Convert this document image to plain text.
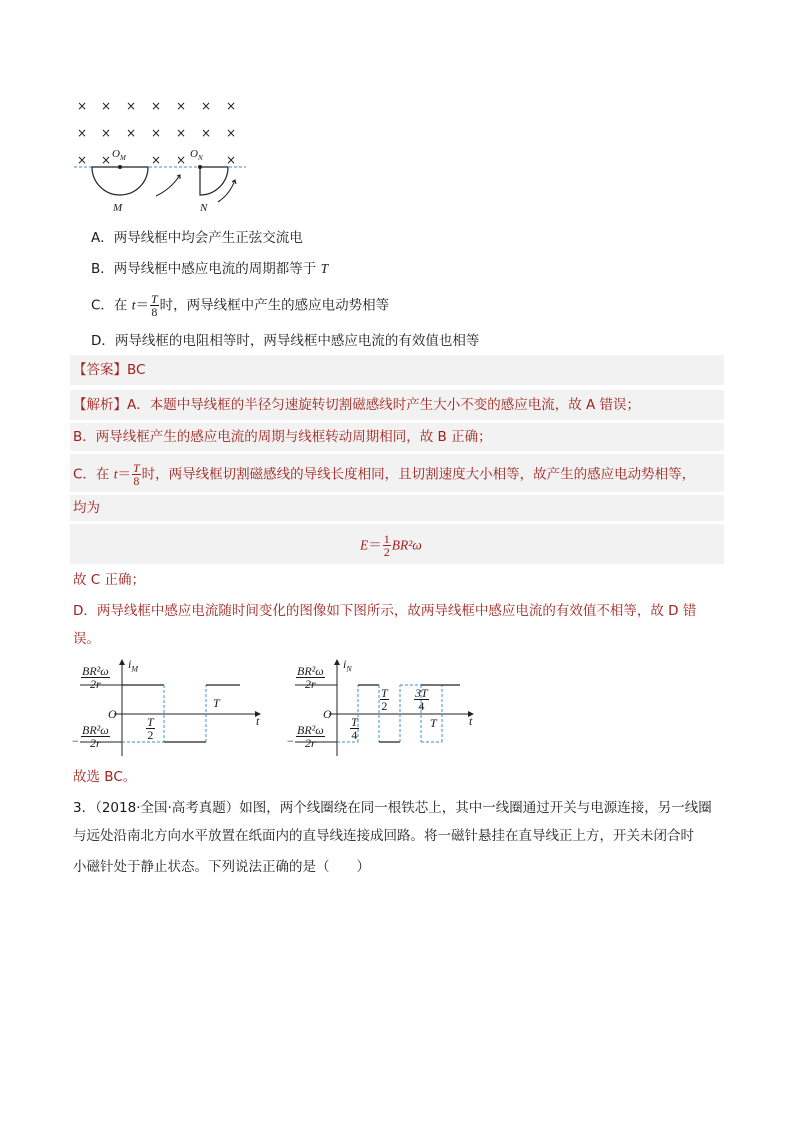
× × × × × × ×
× × × × × × ×
× ×	× ×	×
$O_M$	$O_N$
M	N
A．两导线框中均会产生正弦交流电
B．两导线框中感应电流的周期都等于 T
C．在 $t= \frac{T}{8}$ 时，两导线框中产生的感应电动势相等
D．两导线框的电阻相等时，两导线框中感应电流的有效值也相等
【答案】BC
【解析】A．本题中导线框的半径匀速旋转切割磁感线时产生大小不变的感应电流，故 A 错误；
B．两导线框产生的感应电流的周期与线框转动周期相同，故 B 正确；
C．在 $t= \frac{T}{8}$ 时，两导线框切割磁感线的导线长度相同，且切割速度大小相等，故产生的感应电动势相等，
均为
$E= \frac{1}{2} BR^2\omega$
故 C 正确；
D．两导线框中感应电流随时间变化的图像如下图所示，故两导线框中感应电流的有效值不相等，故 D 错
误。
$i_M$
t
O
$\frac{\text{BR²ω}}{2r}$
− $\frac{\text{BR²ω}}{2r}$	$\frac{T}{2}$
T
$i_N$
t
O
$\frac{\text{BR²ω}}{2r}$
− $\frac{\text{BR²ω}}{2r} \frac{T}{4}$
$\frac{T}{2} \frac{3T}{4}$
T
故选 BC。
3．（2018·全国·高考真题）如图，两个线圈绕在同一根铁芯上，其中一线圈通过开关与电源连接，另一线圈
与远处沿南北方向水平放置在纸面内的直导线连接成回路。将一磁针悬挂在直导线正上方，开关未闭合时
小磁针处于静止状态。下列说法正确的是（　　）
